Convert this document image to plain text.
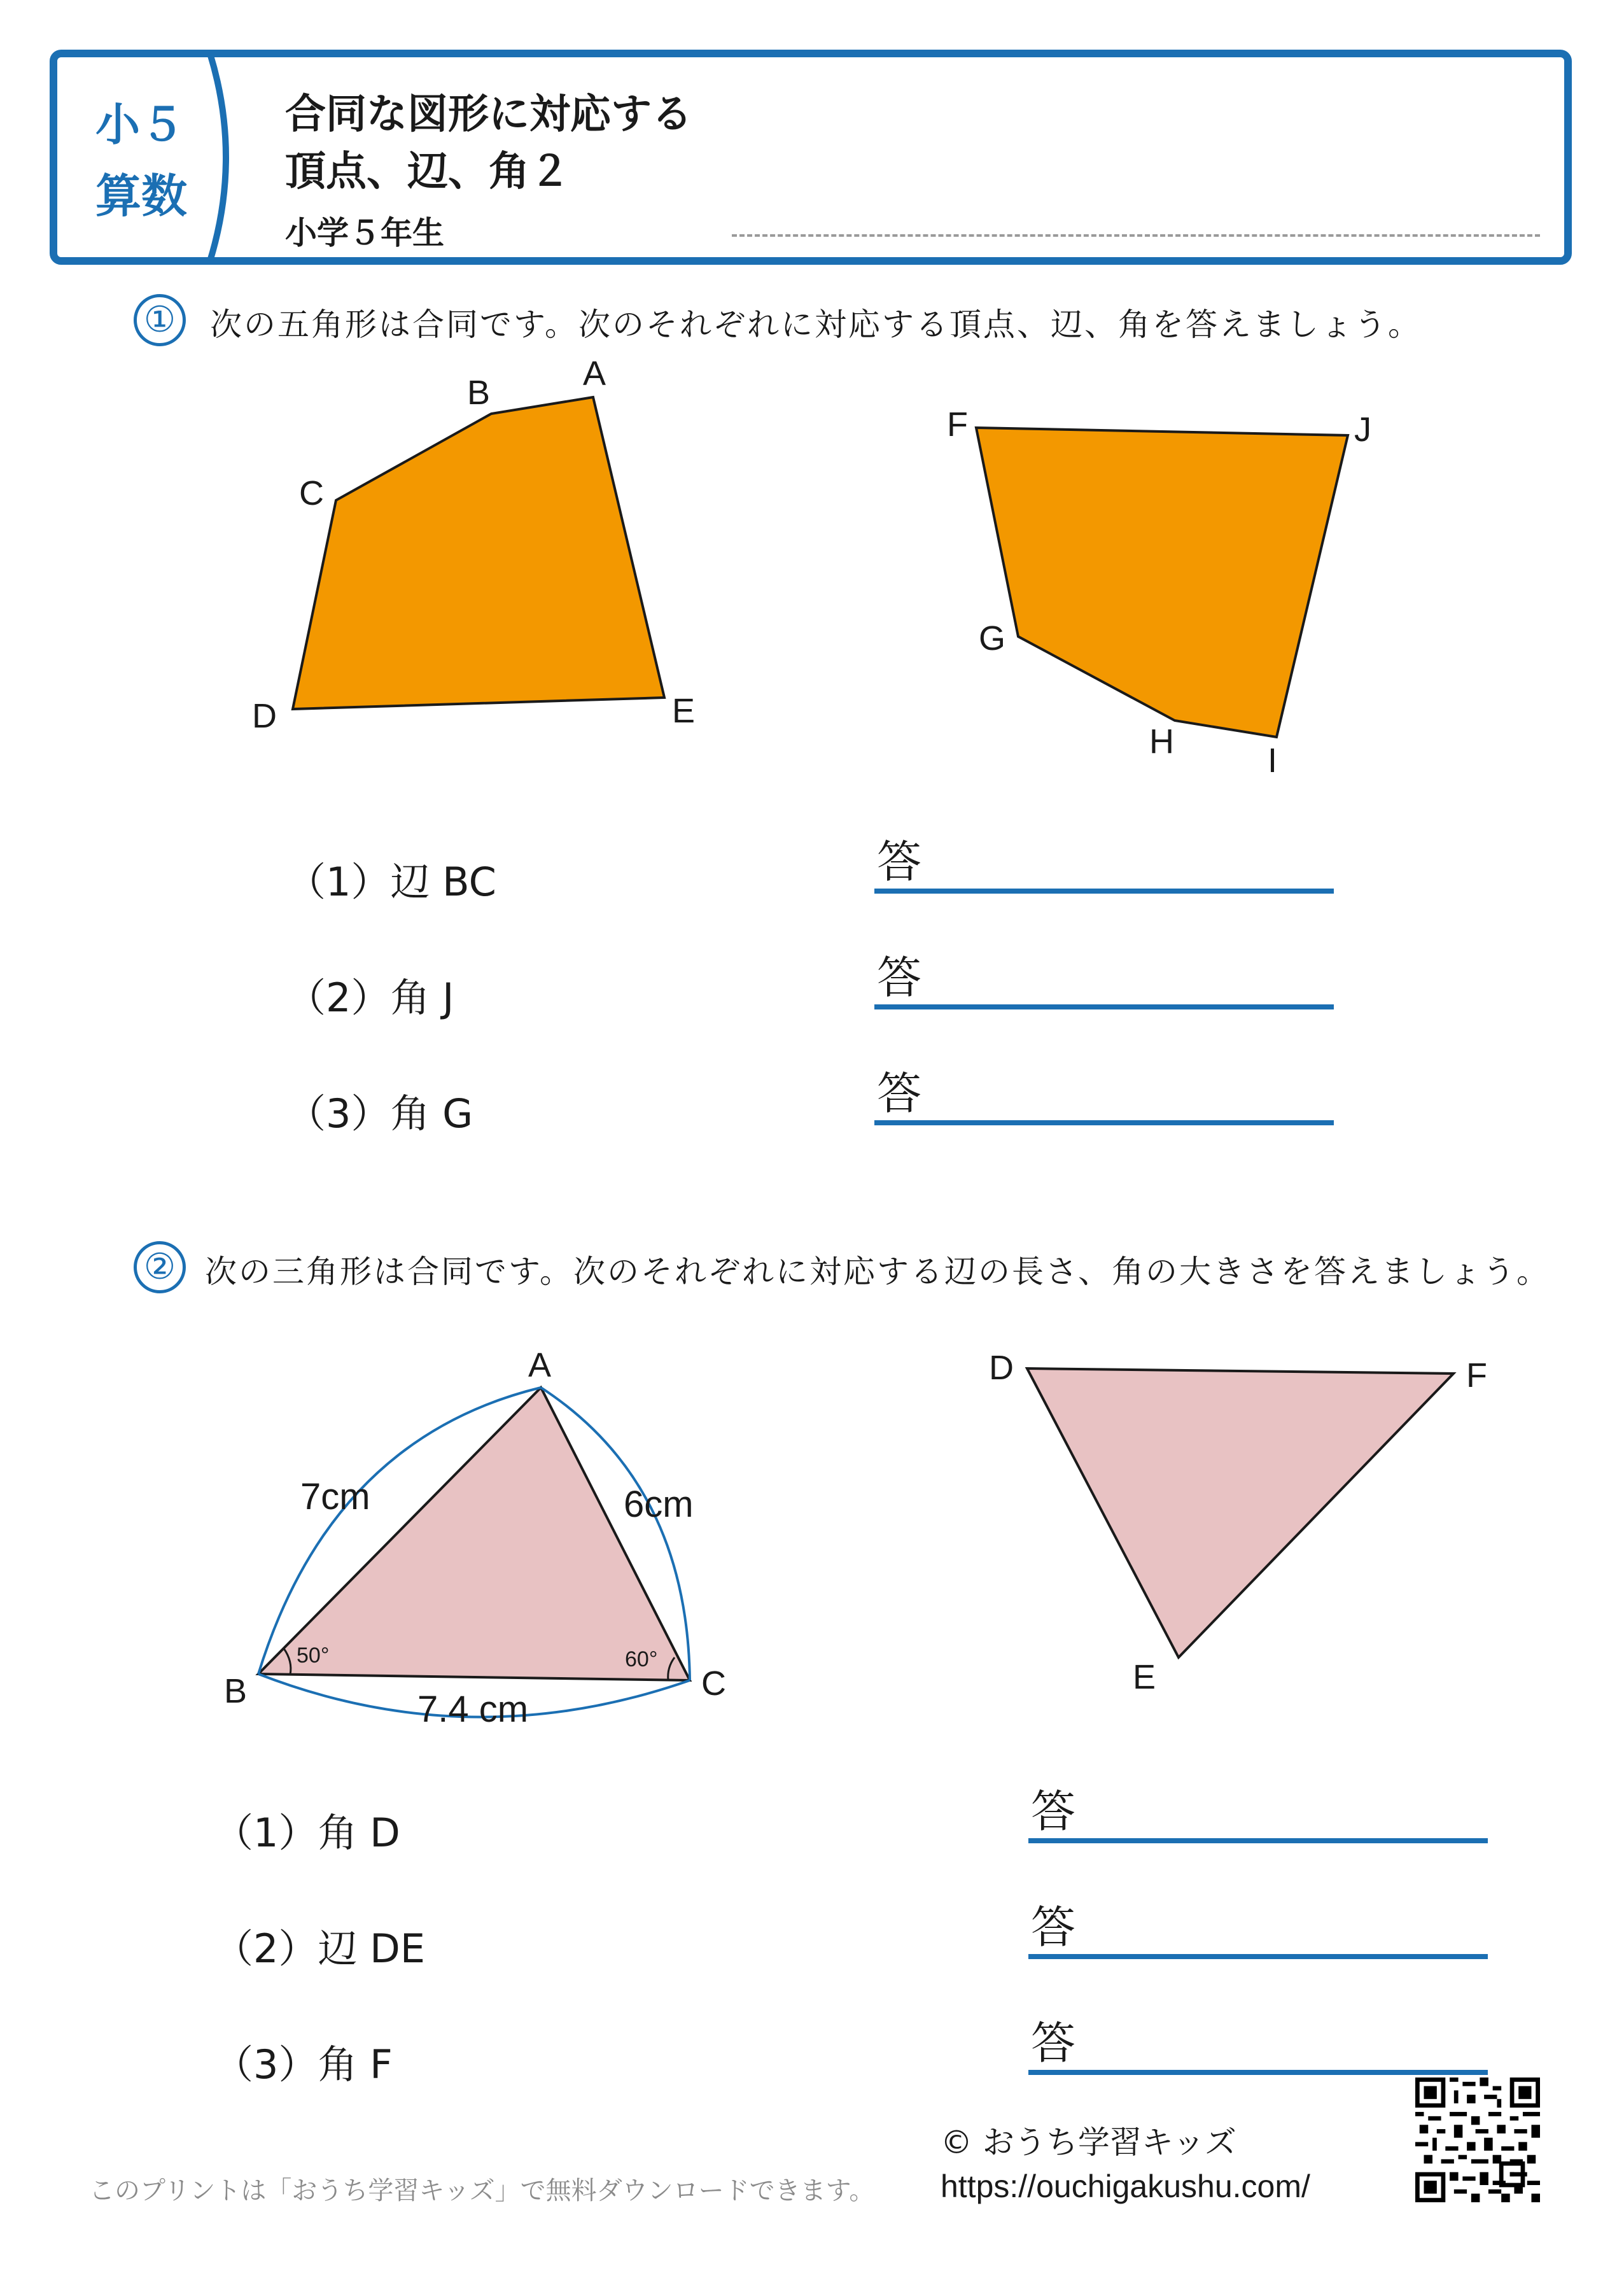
小５
算数
合同な図形に対応する
頂点、辺、角２
小学５年生
①	次の五角形は合同です。次のそれぞれに対応する頂点、辺、角を答えましょう。
A
B
C
D	E
F
G
H	I
J
（1）辺 BC
（2）角 J
（3）角 G
答
答
答
② 次の三角形は合同です。次のそれぞれに対応する辺の長さ、角の大きさを答えましょう。
A
B	C
D
E
F
7cm	6cm
7.4 cm
50°	60°
（1）角 D
（2）辺 DE
（3）角 F
答
答
答
このプリントは「おうち学習キッズ」で無料ダウンロードできます。
© おうち学習キッズ
https://ouchigakushu.com/
